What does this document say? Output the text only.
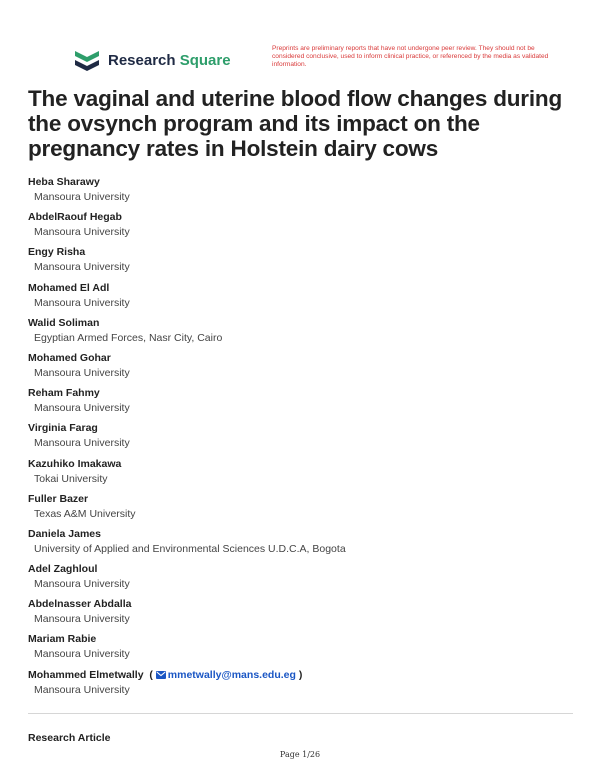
Research Square
Preprints are preliminary reports that have not undergone peer review. They should not be considered conclusive, used to inform clinical practice, or referenced by the media as validated information.
The vaginal and uterine blood flow changes during the ovsynch program and its impact on the pregnancy rates in Holstein dairy cows
Heba Sharawy
Mansoura University
AbdelRaouf Hegab
Mansoura University
Engy Risha
Mansoura University
Mohamed El Adl
Mansoura University
Walid Soliman
Egyptian Armed Forces, Nasr City, Cairo
Mohamed Gohar
Mansoura University
Reham Fahmy
Mansoura University
Virginia Farag
Mansoura University
Kazuhiko Imakawa
Tokai University
Fuller Bazer
Texas A&M University
Daniela James
University of Applied and Environmental Sciences U.D.C.A, Bogota
Adel Zaghloul
Mansoura University
Abdelnasser Abdalla
Mansoura University
Mariam Rabie
Mansoura University
Mohammed Elmetwally ( mmetwally@mans.edu.eg )
Mansoura University
Research Article
Page 1/26
